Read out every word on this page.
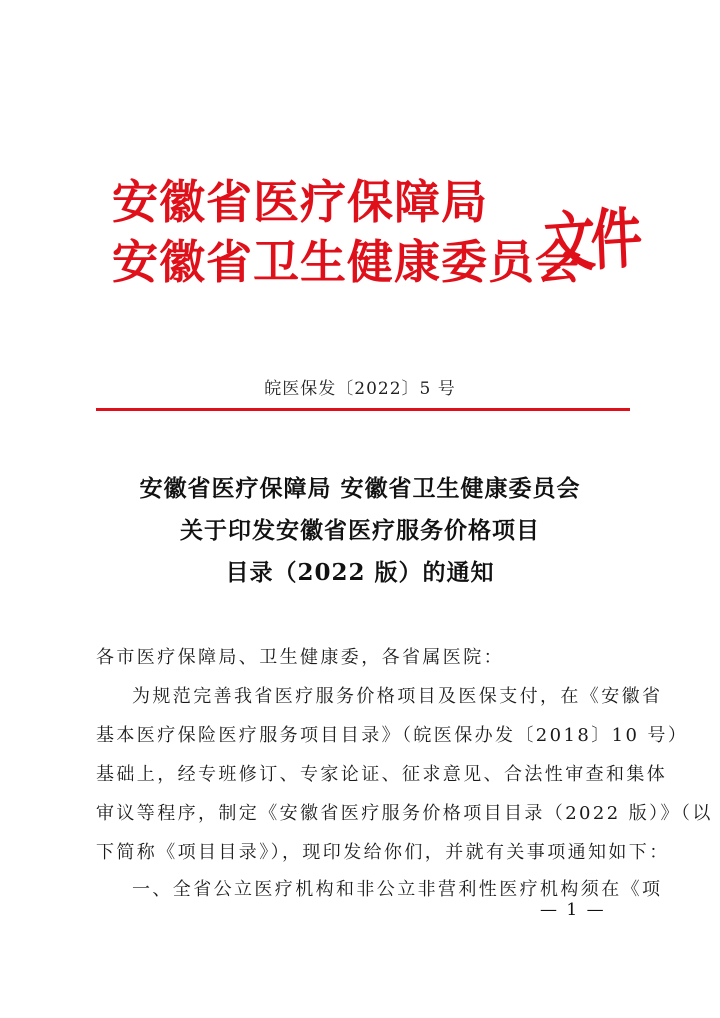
安徽省医疗保障局
安徽省卫生健康委员会
文件
皖医保发〔2022〕5 号
安徽省医疗保障局 安徽省卫生健康委员会
关于印发安徽省医疗服务价格项目
目录（2022 版）的通知
各市医疗保障局、卫生健康委，各省属医院：
为规范完善我省医疗服务价格项目及医保支付，在《安徽省
基本医疗保险医疗服务项目目录》（皖医保办发〔2018〕10 号）
基础上，经专班修订、专家论证、征求意见、合法性审查和集体
审议等程序，制定《安徽省医疗服务价格项目目录（2022 版）》（以
下简称《项目目录》），现印发给你们，并就有关事项通知如下：
一、全省公立医疗机构和非公立非营利性医疗机构须在《项
— 1 —
